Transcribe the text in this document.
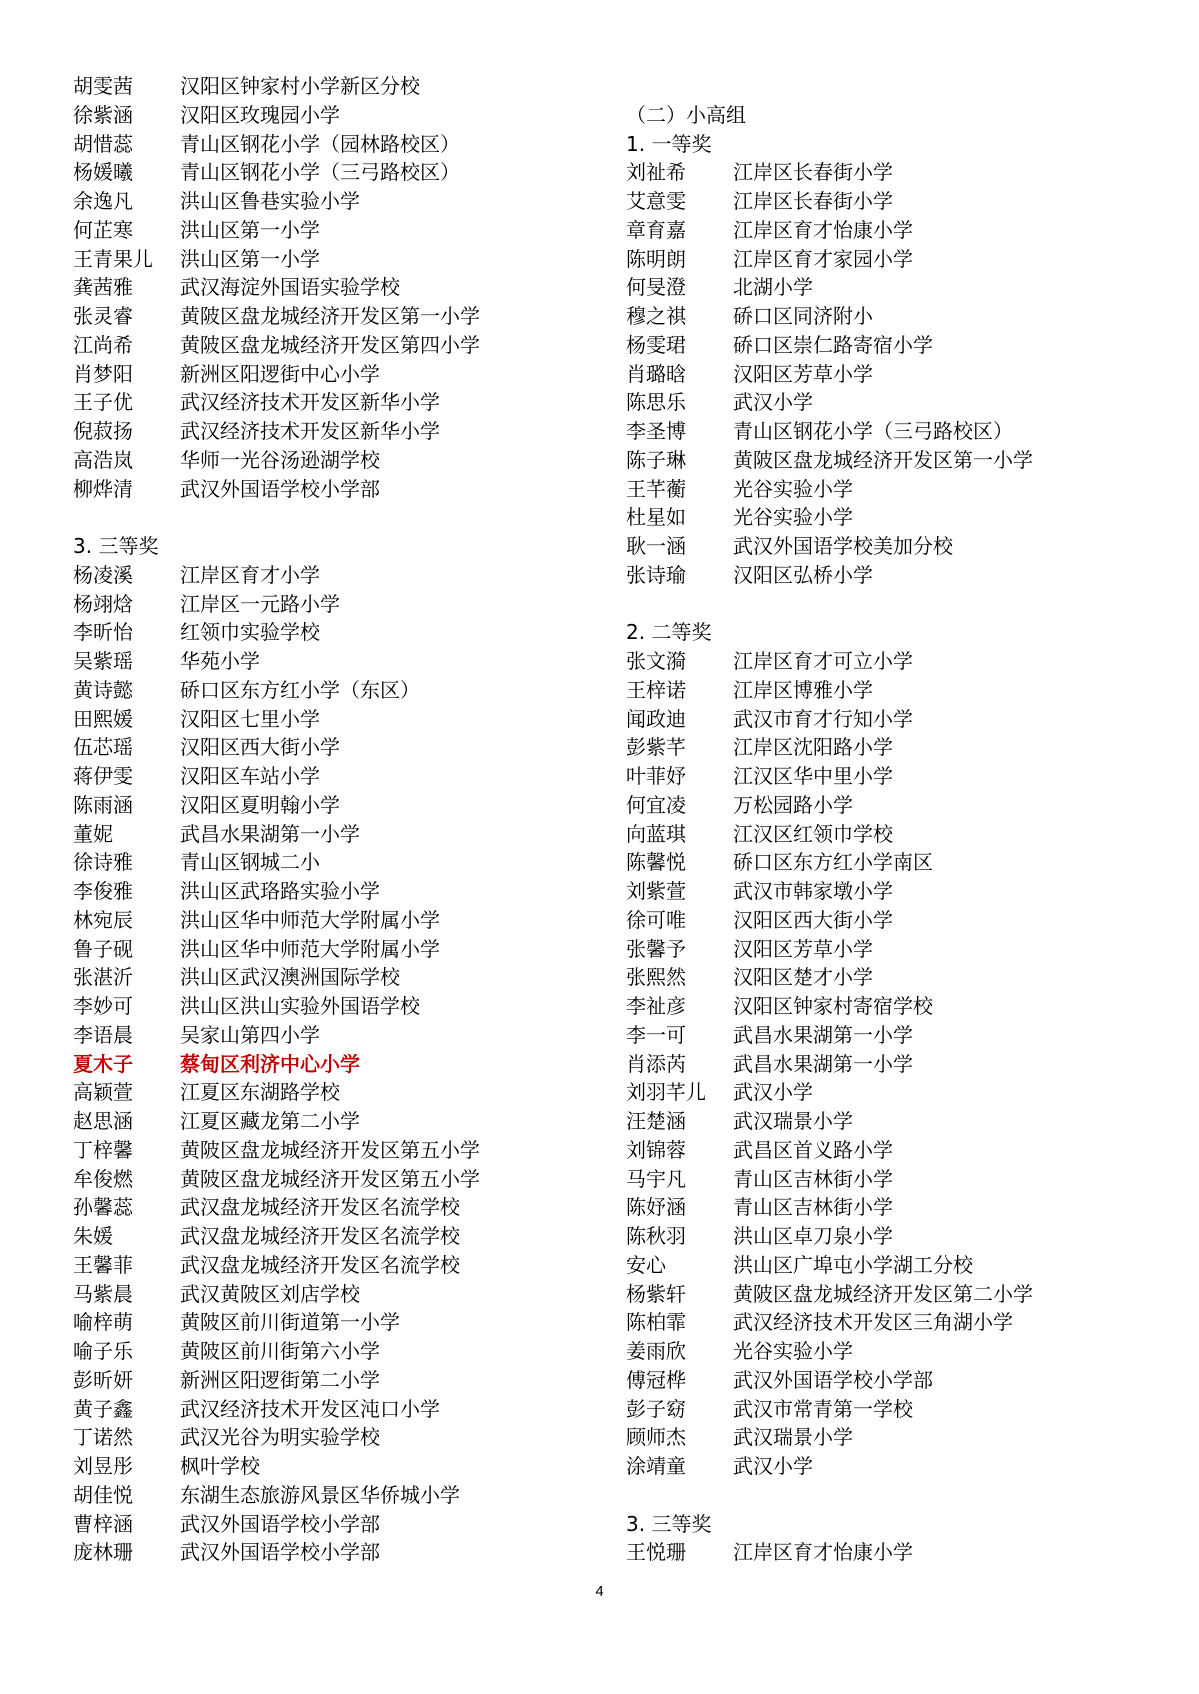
胡雯茜 汉阳区钟家村小学新区分校
徐紫涵 汉阳区玫瑰园小学
胡惜蕊 青山区钢花小学（园林路校区）
杨媛曦 青山区钢花小学（三弓路校区）
余逸凡 洪山区鲁巷实验小学
何芷寒 洪山区第一小学
王青果儿 洪山区第一小学
龚茜雅 武汉海淀外国语实验学校
张灵睿 黄陂区盘龙城经济开发区第一小学
江尚希 黄陂区盘龙城经济开发区第四小学
肖梦阳 新洲区阳逻街中心小学
王子优 武汉经济技术开发区新华小学
倪菽扬 武汉经济技术开发区新华小学
高浩岚 华师一光谷汤逊湖学校
柳烨清 武汉外国语学校小学部
3. 三等奖
杨凌溪 江岸区育才小学
杨翊焓 江岸区一元路小学
李昕怡 红领巾实验学校
吴紫瑶 华苑小学
黄诗懿 硚口区东方红小学（东区）
田熙媛 汉阳区七里小学
伍芯瑶 汉阳区西大街小学
蒋伊雯 汉阳区车站小学
陈雨涵 汉阳区夏明翰小学
董妮	武昌水果湖第一小学
徐诗雅 青山区钢城二小
李俊雅 洪山区武珞路实验小学
林宛辰 洪山区华中师范大学附属小学
鲁子砚 洪山区华中师范大学附属小学
张湛沂 洪山区武汉澳洲国际学校
李妙可 洪山区洪山实验外国语学校
李语晨 吴家山第四小学
夏木子 蔡甸区利济中心小学
高颖萱 江夏区东湖路学校
赵思涵 江夏区藏龙第二小学
丁梓馨 黄陂区盘龙城经济开发区第五小学
牟俊燃 黄陂区盘龙城经济开发区第五小学
孙馨蕊 武汉盘龙城经济开发区名流学校
朱媛	武汉盘龙城经济开发区名流学校
王馨菲 武汉盘龙城经济开发区名流学校
马紫晨 武汉黄陂区刘店学校
喻梓萌 黄陂区前川街道第一小学
喻子乐 黄陂区前川街第六小学
彭昕妍 新洲区阳逻街第二小学
黄子鑫 武汉经济技术开发区沌口小学
丁诺然 武汉光谷为明实验学校
刘昱彤 枫叶学校
胡佳悦 东湖生态旅游风景区华侨城小学
曹梓涵 武汉外国语学校小学部
庞林珊 武汉外国语学校小学部
（二）小高组
1. 一等奖
刘祉希 江岸区长春街小学
艾意雯 江岸区长春街小学
章育嘉 江岸区育才怡康小学
陈明朗 江岸区育才家园小学
何旻澄 北湖小学
穆之祺 硚口区同济附小
杨雯珺 硚口区崇仁路寄宿小学
肖璐晗 汉阳区芳草小学
陈思乐 武汉小学
李圣博 青山区钢花小学（三弓路校区）
陈子琳 黄陂区盘龙城经济开发区第一小学
王芊蘅 光谷实验小学
杜星如 光谷实验小学
耿一涵 武汉外国语学校美加分校
张诗瑜 汉阳区弘桥小学
2. 二等奖
张文漪 江岸区育才可立小学
王梓诺 江岸区博雅小学
闻政迪 武汉市育才行知小学
彭紫芊 江岸区沈阳路小学
叶菲妤 江汉区华中里小学
何宜凌 万松园路小学
向蓝琪 江汉区红领巾学校
陈馨悦 硚口区东方红小学南区
刘紫萱 武汉市韩家墩小学
徐可唯 汉阳区西大街小学
张馨予 汉阳区芳草小学
张熙然 汉阳区楚才小学
李祉彦 汉阳区钟家村寄宿学校
李一可 武昌水果湖第一小学
肖添芮 武昌水果湖第一小学
刘羽芊儿 武汉小学
汪楚涵 武汉瑞景小学
刘锦蓉 武昌区首义路小学
马宇凡 青山区吉林街小学
陈妤涵 青山区吉林街小学
陈秋羽 洪山区卓刀泉小学
安心	洪山区广埠屯小学湖工分校
杨紫轩 黄陂区盘龙城经济开发区第二小学
陈柏霏 武汉经济技术开发区三角湖小学
姜雨欣 光谷实验小学
傅冠桦 武汉外国语学校小学部
彭子窈 武汉市常青第一学校
顾师杰 武汉瑞景小学
涂靖童 武汉小学
3. 三等奖
王悦珊 江岸区育才怡康小学
4
